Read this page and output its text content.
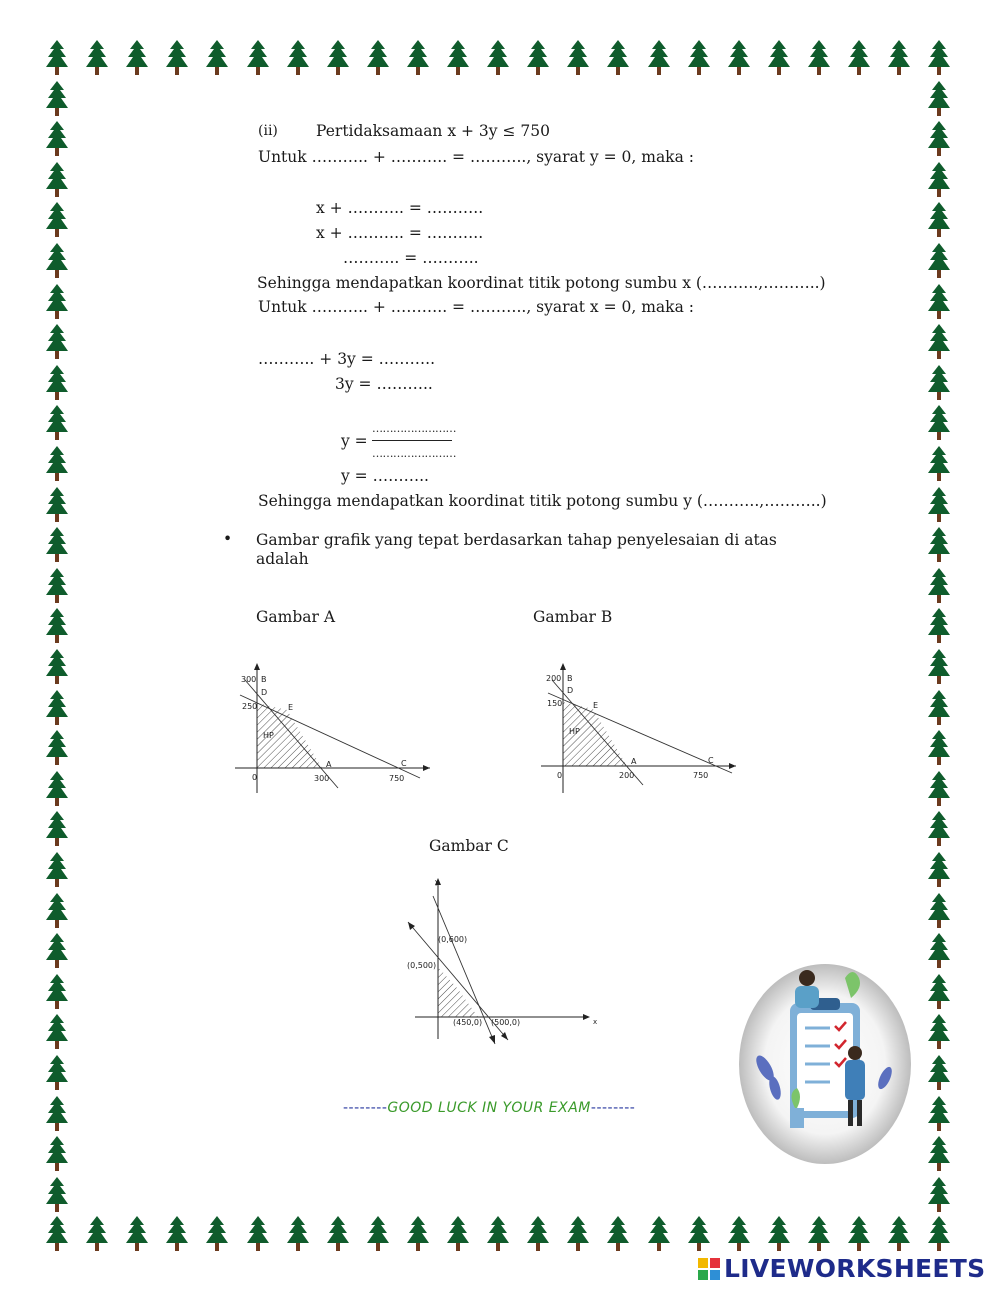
(ii) Pertidaksamaan x + 3y ≤ 750
Untuk ……….. + ……….. = ……….., syarat y = 0, maka :
x + ……….. = ………..
x + ……….. = ………..
……….. = ………..
Sehingga mendapatkan koordinat titik potong sumbu x (………..,………..)
Untuk ……….. + ……….. = ……….., syarat x = 0, maka :
……….. + 3y = ………..
3y = ………..
y =
……………………
……………………
y = ………..
Sehingga mendapatkan koordinat titik potong sumbu y (………..,………..)
• Gambar grafik yang tepat berdasarkan tahap penyelesaian di atas
adalah
Gambar A	Gambar B
Gambar C
300
250
B
D
E
HP
A	C
0	300	750
200
150
B
D
E
HP
A	C
0	200	750
y
x
(0,600)
(0,500)
(450,0) (500,0)
--------GOOD LUCK IN YOUR EXAM--------
LIVEWORKSHEETS
